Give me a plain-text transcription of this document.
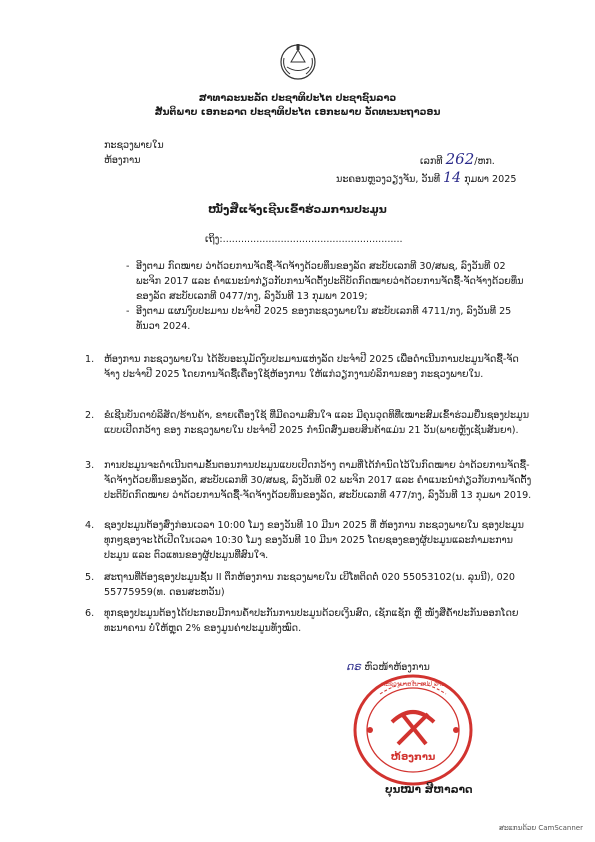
ສາທາລະນະລັດ ປະຊາທິປະໄຕ ປະຊາຊົນລາວ
ສັນຕິພາບ ເອກະລາດ ປະຊາທິປະໄຕ ເອກະພາບ ວັດທະນະຖາວອນ
ກະຊວງພາຍໃນ
ຫ້ອງການ	ເລກທີ 262/ຫກ.
ນະຄອນຫຼວງວຽງຈັນ, ວັນທີ 14 ກຸມພາ 2025
ໜັງສືແຈ້ງເຊີນເຂົ້າຮ່ວມການປະມູນ
ເຖິງ:...........................................................
- ອີງຕາມ ກົດໝາຍ ວ່າດ້ວຍການຈັດຊື້-ຈັດຈ້າງດ້ວຍທຶນຂອງລັດ ສະບັບເລກທີ 30/ສພຊ, ລົງວັນທີ 02 ພະຈິກ 2017 ແລະ ຄຳແນະນຳກ່ຽວກັບການຈັດຕັ້ງປະຕິບັດກົດໝາຍວ່າດ້ວຍການຈັດຊື້-ຈັດຈ້າງດ້ວຍທຶນ ຂອງລັດ ສະບັບເລກທີ 0477/ກງ, ລົງວັນທີ 13 ກຸມພາ 2019;
- ອີງຕາມ ແຜນງົບປະມານ ປະຈຳປີ 2025 ຂອງກະຊວງພາຍໃນ ສະບັບເລກທີ 4711/ກງ, ລົງວັນທີ 25 ທັນວາ 2024.
1. ຫ້ອງການ ກະຊວງພາຍໃນ ໄດ້ຮັບອະນຸມັດງົບປະມານແຫ່ງລັດ ປະຈຳປີ 2025 ເພື່ອດຳເນີນການປະມູນຈັດຊື້-ຈັດຈ້າງ ປະຈຳປີ 2025 ໂດຍການຈັດຊື້ເຄື່ອງໃຊ້ຫ້ອງການ ໃຫ້ແກ່ວຽກງານບໍລິການຂອງ ກະຊວງພາຍໃນ.

2. ຂໍເຊີນບັນດາບໍລິສັດ/ຮ້ານຄ້າ, ຂາຍເຄື່ອງໃຊ້ ທີ່ມີຄວາມສົນໃຈ ແລະ ມີຄຸນວຸດທິທີ່ເໝາະສົມເຂົ້າຮ່ວມຍື່ນຊອງປະມູນແບບເປີດກວ້າງ ຂອງ ກະຊວງພາຍໃນ ປະຈຳປີ 2025 ກຳນົດສົ່ງມອບສິນຄ້າແມ່ນ 21 ວັນ(ພາຍຫຼັງເຊັນສັນຍາ).

3. ການປະມູນຈະດຳເນີນຕາມຂັ້ນຕອນການປະມູນແບບເປີດກວ້າງ ຕາມທີ່ໄດ້ກຳນົດໄວ້ໃນກົດໝາຍ ວ່າດ້ວຍການຈັດຊື້-ຈັດຈ້າງດ້ວຍທຶນຂອງລັດ, ສະບັບເລກທີ 30/ສພຊ, ລົງວັນທີ 02 ພະຈິກ 2017 ແລະ ຄຳແນະນຳກ່ຽວກັບການຈັດຕັ້ງປະຕິບັດກົດໝາຍ ວ່າດ້ວຍການຈັດຊື້-ຈັດຈ້າງດ້ວຍທຶນຂອງລັດ, ສະບັບເລກທີ 477/ກງ, ລົງວັນທີ 13 ກຸມພາ 2019.

4. ຊອງປະມູນຕ້ອງສົ່ງກ່ອນເວລາ 10:00 ໂມງ ຂອງວັນທີ 10 ມີນາ 2025 ທີ່ ຫ້ອງການ ກະຊວງພາຍໃນ ຊອງປະມູນທຸກໆຊອງຈະໄດ້ເປີດໃນເວລາ 10:30 ໂມງ ຂອງວັນທີ 10 ມີນາ 2025 ໂດຍຊອງຂອງຜູ້ປະມູນແລະກຳມະການປະມູນ ແລະ ຕົວແທນຂອງຜູ້ປະມູນທີ່ສົນໃຈ.

5. ສະຖານທີ່ຕ້ອງຊອງປະມູນຊັ້ນ II ຕຶກຫ້ອງການ ກະຊວງພາຍໃນ ເບີໂທຕິດຕໍ່ 020 55053102(ນ. ລຸນນີ), 020 55775959(ທ. ດອນສະຫວັນ)

6. ທຸກຊອງປະມູນຕ້ອງໄດ້ປະກອບມີການຄ້ຳປະກັນການປະມູນດ້ວຍເງິນສົດ, ເຊັກແຊັກ ຫຼື ໜັງສືຄ້ຳປະກັນອອກໂດຍທະນາຄານ ບໍ່ໃຫ້ຫຼຸດ 2% ຂອງມູນຄ່າປະມູນທັງໝົດ.

ດຣ ຫົວໜ້າຫ້ອງການ
ກະຊວງພາຍໃນ ສປປ ລາວ
ຫ້ອງການ
ບຸນໝາ ສີຫາລາດ
ສະແກນດ້ວຍ CamScanner
